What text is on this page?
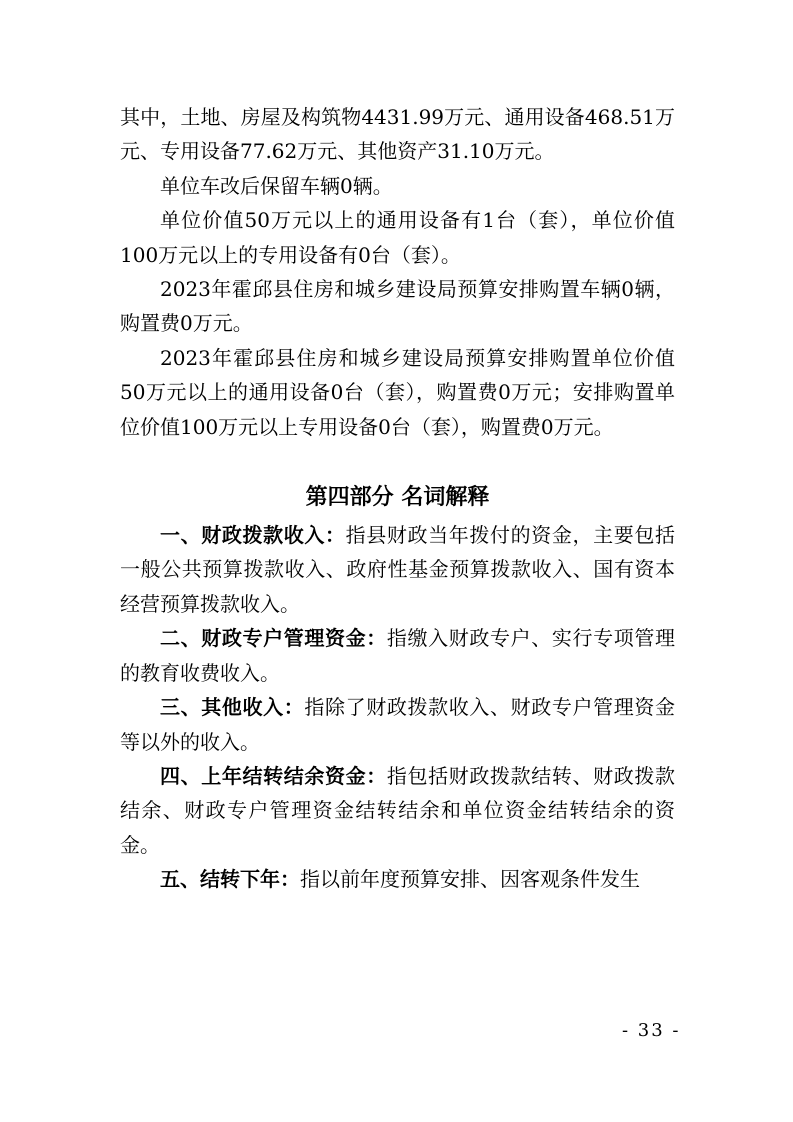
其中，土地、房屋及构筑物4431.99万元、通用设备468.51万元、专用设备77.62万元、其他资产31.10万元。

单位车改后保留车辆0辆。

单位价值50万元以上的通用设备有1台（套），单位价值100万元以上的专用设备有0台（套）。

2023年霍邱县住房和城乡建设局预算安排购置车辆0辆，购置费0万元。

2023年霍邱县住房和城乡建设局预算安排购置单位价值50万元以上的通用设备0台（套），购置费0万元；安排购置单位价值100万元以上专用设备0台（套），购置费0万元。

第四部分 名词解释

一、财政拨款收入：指县财政当年拨付的资金，主要包括一般公共预算拨款收入、政府性基金预算拨款收入、国有资本经营预算拨款收入。

二、财政专户管理资金：指缴入财政专户、实行专项管理的教育收费收入。

三、其他收入：指除了财政拨款收入、财政专户管理资金等以外的收入。

四、上年结转结余资金：指包括财政拨款结转、财政拨款结余、财政专户管理资金结转结余和单位资金结转结余的资金。

五、结转下年：指以前年度预算安排、因客观条件发生

- 33 -
